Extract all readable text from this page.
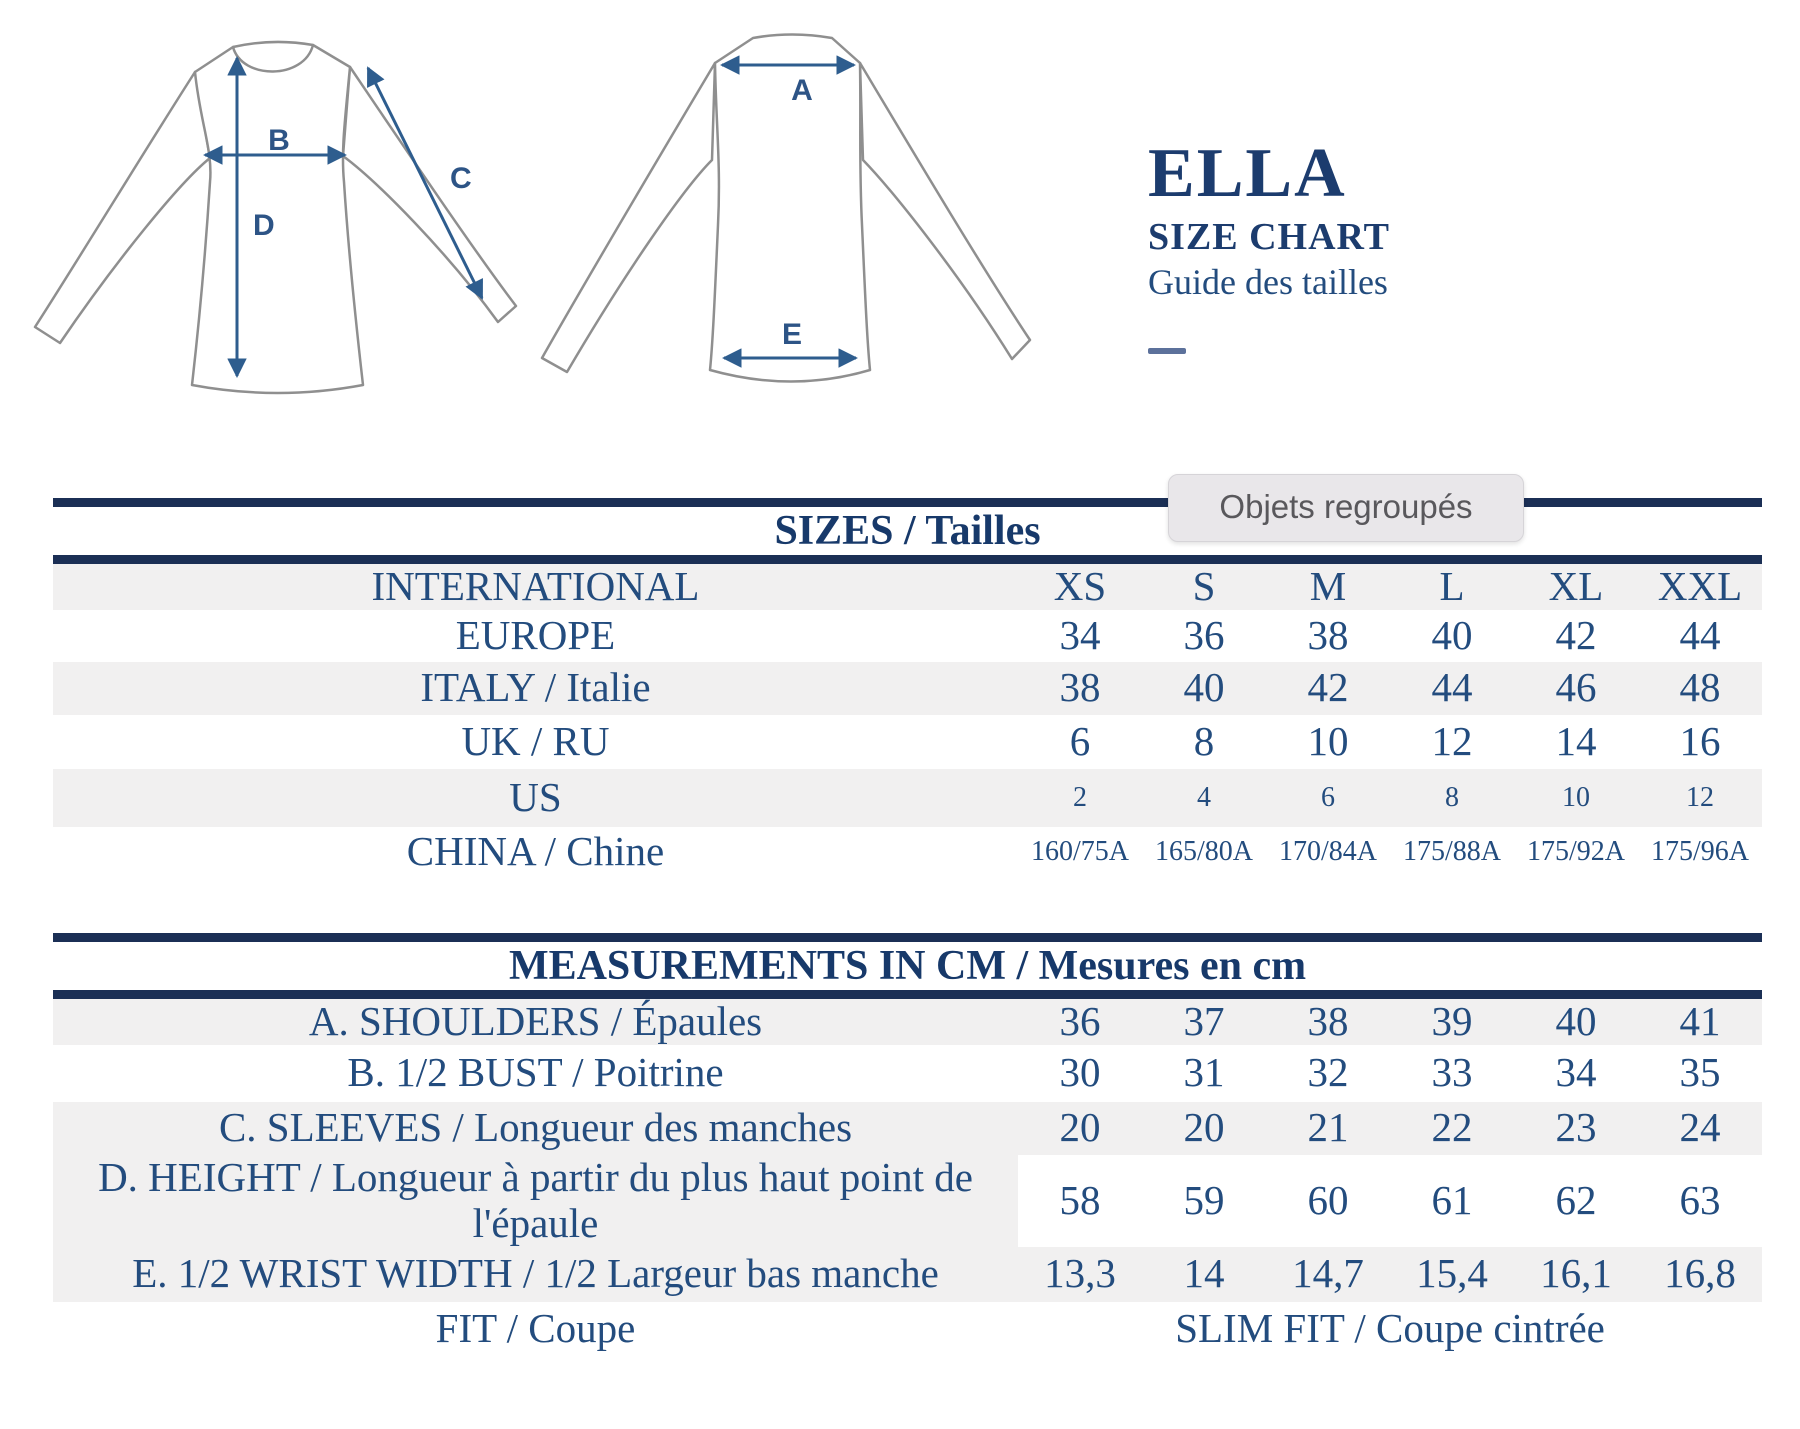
B
C
D
A
E
ELLA
SIZE CHART
Guide des tailles
Objets regroupés
SIZES / Tailles						
INTERNATIONAL	XS	S	M	L	XL	XXL
EUROPE	34	36	38	40	42	44
ITALY / Italie	38	40	42	44	46	48
UK / RU	6	8	10	12	14	16
US	2	4	6	8	10	12
CHINA / Chine	160/75A	165/80A	170/84A	175/88A	175/92A	175/96A
MEASUREMENTS IN CM / Mesures en cm						
A. SHOULDERS / Épaules	36	37	38	39	40	41
B. 1/2 BUST / Poitrine	30	31	32	33	34	35
C. SLEEVES / Longueur des manches	20	20	21	22	23	24
D. HEIGHT / Longueur à partir du plus haut point de l'épaule	58	59	60	61	62	63
E. 1/2 WRIST WIDTH / 1/2 Largeur bas manche	13,3	14	14,7	15,4	16,1	16,8
FIT / Coupe	SLIM FIT / Coupe cintrée					
